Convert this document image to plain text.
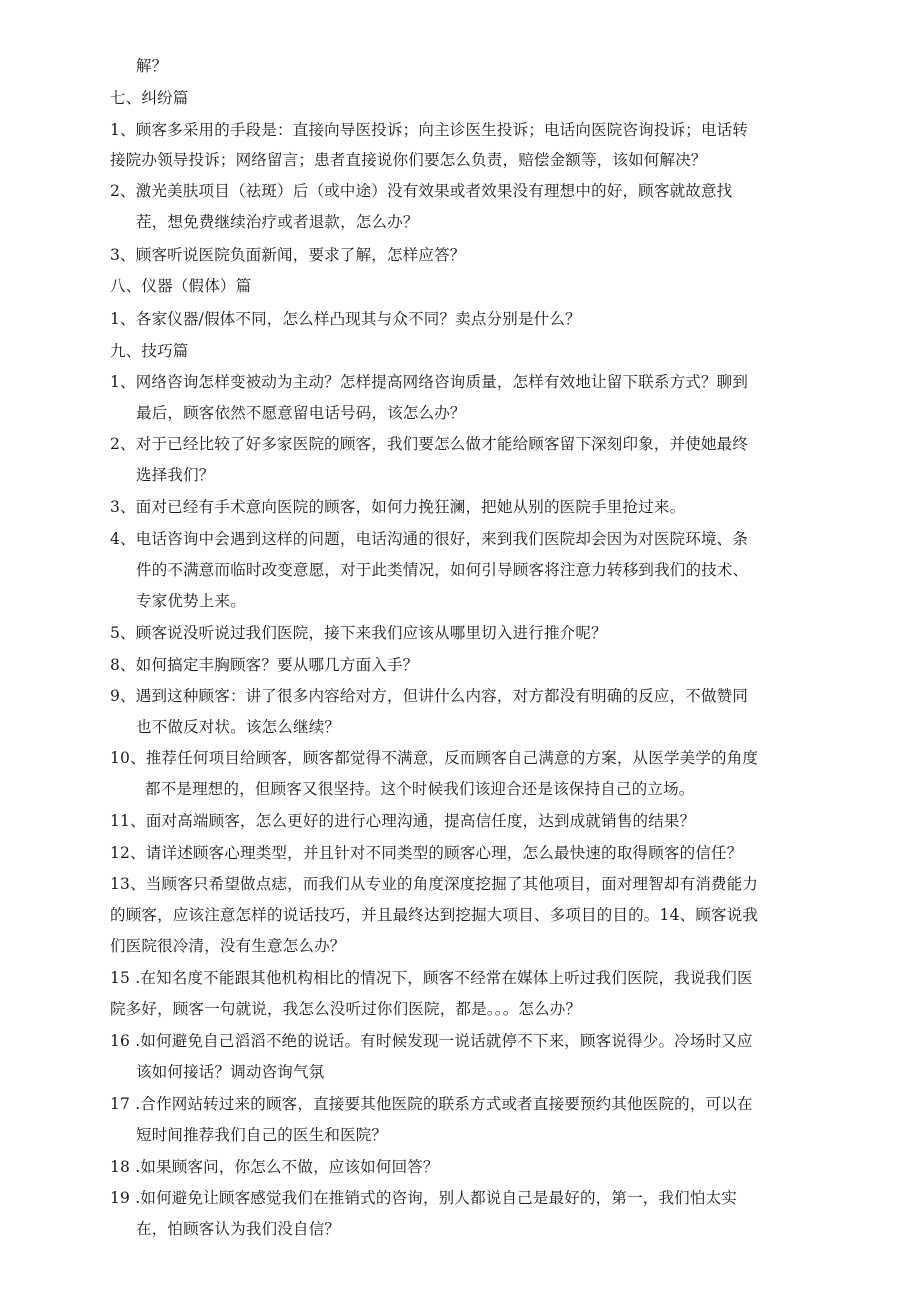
解？
七、纠纷篇
1、顾客多采用的手段是：直接向导医投诉；向主诊医生投诉；电话向医院咨询投诉；电话转
接院办领导投诉；网络留言；患者直接说你们要怎么负责，赔偿金额等，该如何解决？
2、激光美肤项目（祛斑）后（或中途）没有效果或者效果没有理想中的好，顾客就故意找
茬，想免费继续治疗或者退款，怎么办？
3、顾客听说医院负面新闻，要求了解，怎样应答？
八、仪器（假体）篇
1、各家仪器/假体不同，怎么样凸现其与众不同？卖点分别是什么？
九、技巧篇
1、网络咨询怎样变被动为主动？怎样提高网络咨询质量，怎样有效地让留下联系方式？聊到
最后，顾客依然不愿意留电话号码，该怎么办？
2、对于已经比较了好多家医院的顾客，我们要怎么做才能给顾客留下深刻印象，并使她最终
选择我们？
3、面对已经有手术意向医院的顾客，如何力挽狂澜，把她从别的医院手里抢过来。
4、电话咨询中会遇到这样的问题，电话沟通的很好，来到我们医院却会因为对医院环境、条
件的不满意而临时改变意愿，对于此类情况，如何引导顾客将注意力转移到我们的技术、
专家优势上来。
5、顾客说没听说过我们医院，接下来我们应该从哪里切入进行推介呢？
8、如何搞定丰胸顾客？要从哪几方面入手？
9、遇到这种顾客：讲了很多内容给对方，但讲什么内容，对方都没有明确的反应，不做赞同
也不做反对状。该怎么继续？
10、推荐任何项目给顾客，顾客都觉得不满意，反而顾客自己满意的方案，从医学美学的角度
都不是理想的，但顾客又很坚持。这个时候我们该迎合还是该保持自己的立场。
11、面对高端顾客，怎么更好的进行心理沟通，提高信任度，达到成就销售的结果？
12、请详述顾客心理类型，并且针对不同类型的顾客心理，怎么最快速的取得顾客的信任？
13、当顾客只希望做点痣，而我们从专业的角度深度挖掘了其他项目，面对理智却有消费能力
的顾客，应该注意怎样的说话技巧，并且最终达到挖掘大项目、多项目的目的。14、顾客说我
们医院很冷清，没有生意怎么办？
15 .在知名度不能跟其他机构相比的情况下，顾客不经常在媒体上听过我们医院，我说我们医
院多好，顾客一句就说，我怎么没听过你们医院，都是。。。怎么办？
16 .如何避免自己滔滔不绝的说话。有时候发现一说话就停不下来，顾客说得少。冷场时又应
该如何接话？调动咨询气氛
17 .合作网站转过来的顾客，直接要其他医院的联系方式或者直接要预约其他医院的，可以在
短时间推荐我们自己的医生和医院？
18 .如果顾客问，你怎么不做，应该如何回答？
19 .如何避免让顾客感觉我们在推销式的咨询，别人都说自己是最好的，第一，我们怕太实
在，怕顾客认为我们没自信？
